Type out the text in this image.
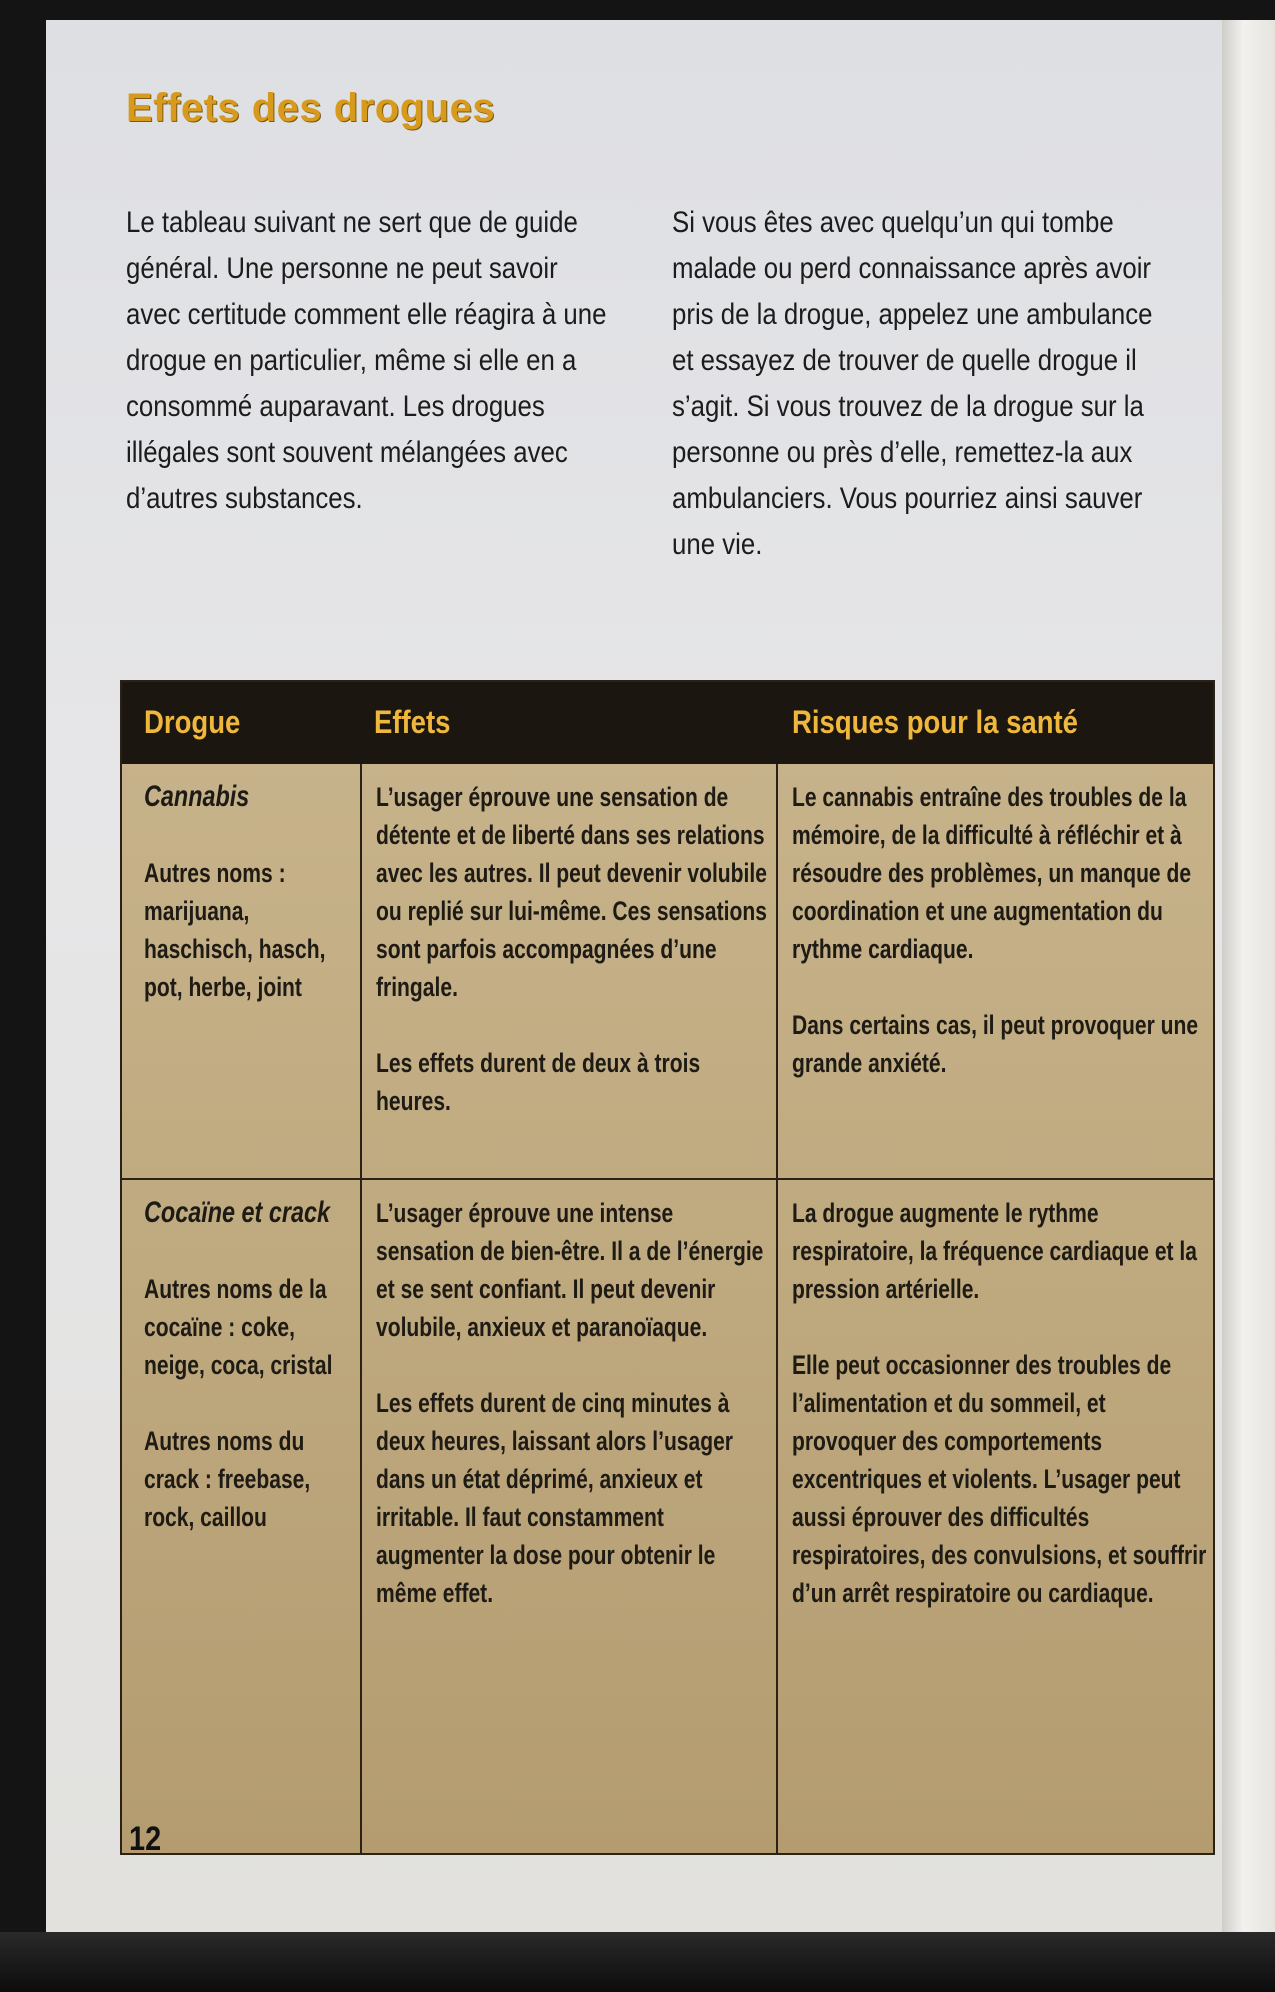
Effets des drogues

Le tableau suivant ne sert que de guide général. Une personne ne peut savoir avec certitude comment elle réagira à une drogue en particulier, même si elle en a consommé auparavant. Les drogues illégales sont souvent mélangées avec d’autres substances.

Si vous êtes avec quelqu’un qui tombe malade ou perd connaissance après avoir pris de la drogue, appelez une ambulance et essayez de trouver de quelle drogue il s’agit. Si vous trouvez de la drogue sur la personne ou près d’elle, remettez-la aux ambulanciers. Vous pourriez ainsi sauver une vie.

Drogue	Effets	Risques pour la santé
Cannabis

Autres noms : marijuana, haschisch, hasch, pot, herbe, joint

L’usager éprouve une sensation de détente et de liberté dans ses relations avec les autres. Il peut devenir volubile ou replié sur lui-même. Ces sensations sont parfois accompagnées d’une fringale.

Les effets durent de deux à trois heures.

Le cannabis entraîne des troubles de la mémoire, de la difficulté à réfléchir et à résoudre des problèmes, un manque de coordination et une augmentation du rythme cardiaque.

Dans certains cas, il peut provoquer une grande anxiété.

Cocaïne et crack

Autres noms de la cocaïne : coke, neige, coca, cristal

Autres noms du crack : freebase, rock, caillou

L’usager éprouve une intense sensation de bien-être. Il a de l’énergie et se sent confiant. Il peut devenir volubile, anxieux et paranoïaque.

Les effets durent de cinq minutes à deux heures, laissant alors l’usager dans un état déprimé, anxieux et irritable. Il faut constamment augmenter la dose pour obtenir le même effet.

La drogue augmente le rythme respiratoire, la fréquence cardiaque et la pression artérielle.

Elle peut occasionner des troubles de l’alimentation et du sommeil, et provoquer des comportements excentriques et violents. L’usager peut aussi éprouver des difficultés respiratoires, des convulsions, et souffrir d’un arrêt respiratoire ou cardiaque.

12
